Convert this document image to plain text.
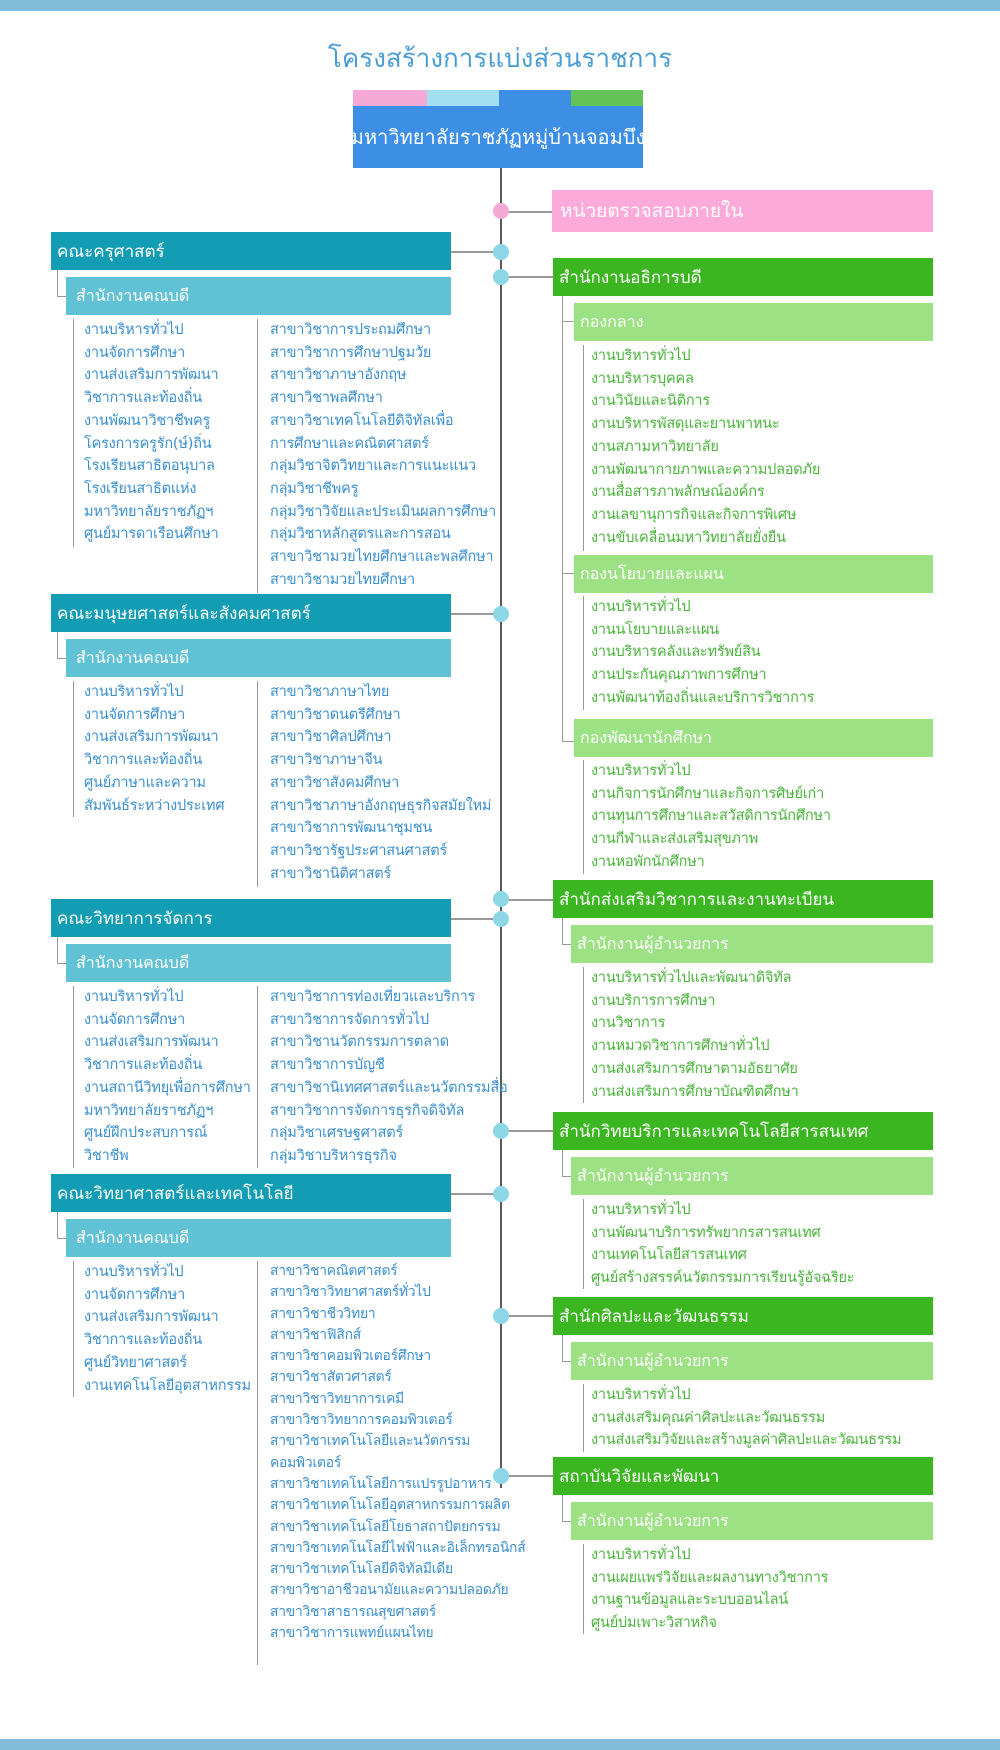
โครงสร้างการแบ่งส่วนราชการ
มหาวิทยาลัยราชภัฏหมู่บ้านจอมบึง
หน่วยตรวจสอบภายใน
คณะครุศาสตร์
สำนักงานคณบดี
งานบริหารทั่วไป
งานจัดการศึกษา
งานส่งเสริมการพัฒนา
วิชาการและท้องถิ่น
งานพัฒนาวิชาชีพครู
โครงการครูรัก(ษ์)ถิ่น
โรงเรียนสาธิตอนุบาล
โรงเรียนสาธิตแห่ง
มหาวิทยาลัยราชภัฏฯ
ศูนย์มารดาเรือนศึกษา
สาขาวิชาการประถมศึกษา
สาขาวิชาการศึกษาปฐมวัย
สาขาวิชาภาษาอังกฤษ
สาขาวิชาพลศึกษา
สาขาวิชาเทคโนโลยีดิจิทัลเพื่อ
การศึกษาและคณิตศาสตร์
กลุ่มวิชาจิตวิทยาและการแนะแนว
กลุ่มวิชาชีพครู
กลุ่มวิชาวิจัยและประเมินผลการศึกษา
กลุ่มวิชาหลักสูตรและการสอน
สาขาวิชามวยไทยศึกษาและพลศึกษา
สาขาวิชามวยไทยศึกษา
คณะมนุษยศาสตร์และสังคมศาสตร์
สำนักงานคณบดี
งานบริหารทั่วไป
งานจัดการศึกษา
งานส่งเสริมการพัฒนา
วิชาการและท้องถิ่น
ศูนย์ภาษาและความ
สัมพันธ์ระหว่างประเทศ
สาขาวิชาภาษาไทย
สาขาวิชาดนตรีศึกษา
สาขาวิชาศิลปศึกษา
สาขาวิชาภาษาจีน
สาขาวิชาสังคมศึกษา
สาขาวิชาภาษาอังกฤษธุรกิจสมัยใหม่
สาขาวิชาการพัฒนาชุมชน
สาขาวิชารัฐประศาสนศาสตร์
สาขาวิชานิติศาสตร์
คณะวิทยาการจัดการ
สำนักงานคณบดี
งานบริหารทั่วไป
งานจัดการศึกษา
งานส่งเสริมการพัฒนา
วิชาการและท้องถิ่น
งานสถานีวิทยุเพื่อการศึกษา
มหาวิทยาลัยราชภัฏฯ
ศูนย์ฝึกประสบการณ์
วิชาชีพ
สาขาวิชาการท่องเที่ยวและบริการ
สาขาวิชาการจัดการทั่วไป
สาขาวิชานวัตกรรมการตลาด
สาขาวิชาการบัญชี
สาขาวิชานิเทศศาสตร์และนวัตกรรมสื่อ
สาขาวิชาการจัดการธุรกิจดิจิทัล
กลุ่มวิชาเศรษฐศาสตร์
กลุ่มวิชาบริหารธุรกิจ
คณะวิทยาศาสตร์และเทคโนโลยี
สำนักงานคณบดี
งานบริหารทั่วไป
งานจัดการศึกษา
งานส่งเสริมการพัฒนา
วิชาการและท้องถิ่น
ศูนย์วิทยาศาสตร์
งานเทคโนโลยีอุตสาหกรรม
สาขาวิชาคณิตศาสตร์
สาขาวิชาวิทยาศาสตร์ทั่วไป
สาขาวิชาชีววิทยา
สาขาวิชาฟิสิกส์
สาขาวิชาคอมพิวเตอร์ศึกษา
สาขาวิชาสัตวศาสตร์
สาขาวิชาวิทยาการเคมี
สาขาวิชาวิทยาการคอมพิวเตอร์
สาขาวิชาเทคโนโลยีและนวัตกรรม
คอมพิวเตอร์
สาขาวิชาเทคโนโลยีการแปรรูปอาหาร
สาขาวิชาเทคโนโลยีอุตสาหกรรมการผลิต
สาขาวิชาเทคโนโลยีโยธาสถาปัตยกรรม
สาขาวิชาเทคโนโลยีไฟฟ้าและอิเล็กทรอนิกส์
สาขาวิชาเทคโนโลยีดิจิทัลมีเดีย
สาขาวิชาอาชีวอนามัยและความปลอดภัย
สาขาวิชาสาธารณสุขศาสตร์
สาขาวิชาการแพทย์แผนไทย
สำนักงานอธิการบดี
กองกลาง
งานบริหารทั่วไป
งานบริหารบุคคล
งานวินัยและนิติการ
งานบริหารพัสดุและยานพาหนะ
งานสภามหาวิทยาลัย
งานพัฒนากายภาพและความปลอดภัย
งานสื่อสารภาพลักษณ์องค์กร
งานเลขานุการกิจและกิจการพิเศษ
งานขับเคลื่อนมหาวิทยาลัยยั่งยืน
กองนโยบายและแผน
งานบริหารทั่วไป
งานนโยบายและแผน
งานบริหารคลังและทรัพย์สิน
งานประกันคุณภาพการศึกษา
งานพัฒนาท้องถิ่นและบริการวิชาการ
กองพัฒนานักศึกษา
งานบริหารทั่วไป
งานกิจการนักศึกษาและกิจการศิษย์เก่า
งานทุนการศึกษาและสวัสดิการนักศึกษา
งานกีฬาและส่งเสริมสุขภาพ
งานหอพักนักศึกษา
สำนักส่งเสริมวิชาการและงานทะเบียน
สำนักงานผู้อำนวยการ
งานบริหารทั่วไปและพัฒนาดิจิทัล
งานบริการการศึกษา
งานวิชาการ
งานหมวดวิชาการศึกษาทั่วไป
งานส่งเสริมการศึกษาตามอัธยาศัย
งานส่งเสริมการศึกษาบัณฑิตศึกษา
สำนักวิทยบริการและเทคโนโลยีสารสนเทศ
สำนักงานผู้อำนวยการ
งานบริหารทั่วไป
งานพัฒนาบริการทรัพยากรสารสนเทศ
งานเทคโนโลยีสารสนเทศ
ศูนย์สร้างสรรค์นวัตกรรมการเรียนรู้อัจฉริยะ
สำนักศิลปะและวัฒนธรรม
สำนักงานผู้อำนวยการ
งานบริหารทั่วไป
งานส่งเสริมคุณค่าศิลปะและวัฒนธรรม
งานส่งเสริมวิจัยและสร้างมูลค่าศิลปะและวัฒนธรรม
สถาบันวิจัยและพัฒนา
สำนักงานผู้อำนวยการ
งานบริหารทั่วไป
งานเผยแพร่วิจัยและผลงานทางวิชาการ
งานฐานข้อมูลและระบบออนไลน์
ศูนย์บ่มเพาะวิสาหกิจ
